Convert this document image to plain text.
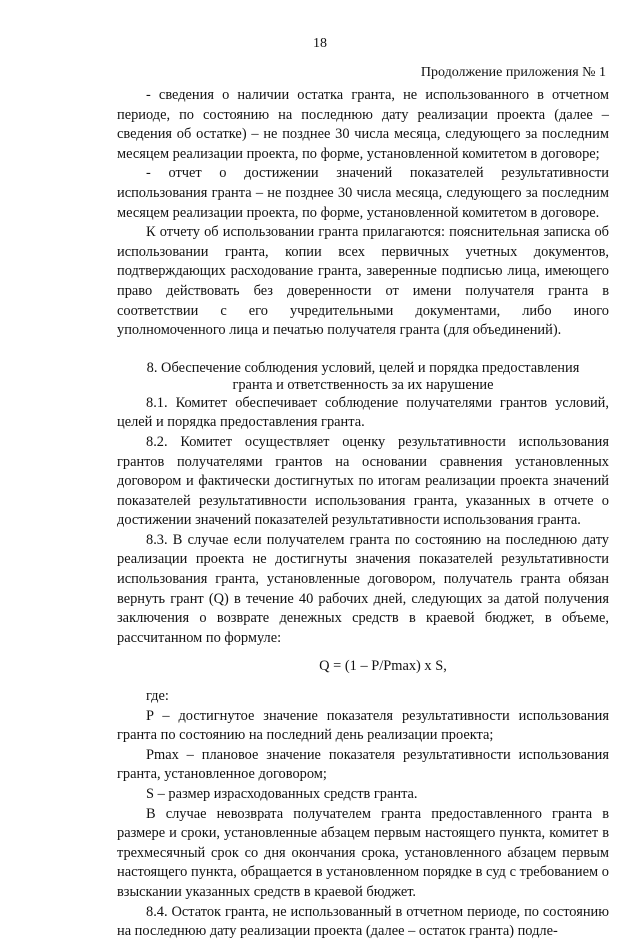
18
Продолжение приложения № 1

- сведения о наличии остатка гранта, не использованного в отчетном периоде, по состоянию на последнюю дату реализации проекта (далее – сведения об остатке) – не позднее 30 числа месяца, следующего за последним месяцем реализации проекта, по форме, установленной комитетом в договоре;

- отчет о достижении значений показателей результативности использования гранта – не позднее 30 числа месяца, следующего за последним месяцем реализации проекта, по форме, установленной комитетом в договоре.

К отчету об использовании гранта прилагаются: пояснительная записка об использовании гранта, копии всех первичных учетных документов, подтверждающих расходование гранта, заверенные подписью лица, имеющего право действовать без доверенности от имени получателя гранта в соответствии с его учредительными документами, либо иного уполномоченного лица и печатью получателя гранта (для объединений).

8. Обеспечение соблюдения условий, целей и порядка предоставления
гранта и ответственность за их нарушение

8.1. Комитет обеспечивает соблюдение получателями грантов условий, целей и порядка предоставления гранта.

8.2. Комитет осуществляет оценку результативности использования грантов получателями грантов на основании сравнения установленных договором и фактически достигнутых по итогам реализации проекта значений показателей результативности использования гранта, указанных в отчете о достижении значений показателей результативности использования гранта.

8.3. В случае если получателем гранта по состоянию на последнюю дату реализации проекта не достигнуты значения показателей результативности использования гранта, установленные договором, получатель гранта обязан вернуть грант (Q) в течение 40 рабочих дней, следующих за датой получения заключения о возврате денежных средств в краевой бюджет, в объеме, рассчитанном по формуле:

Q = (1 – P/Pmax) x S,

где:

P – достигнутое значение показателя результативности использования гранта по состоянию на последний день реализации проекта;

Pmax – плановое значение показателя результативности использования гранта, установленное договором;

S – размер израсходованных средств гранта.

В случае невозврата получателем гранта предоставленного гранта в размере и сроки, установленные абзацем первым настоящего пункта, комитет в трехмесячный срок со дня окончания срока, установленного абзацем первым настоящего пункта, обращается в установленном порядке в суд с требованием о взыскании указанных средств в краевой бюджет.

8.4. Остаток гранта, не использованный в отчетном периоде, по состоянию на последнюю дату реализации проекта (далее – остаток гранта) подле-
